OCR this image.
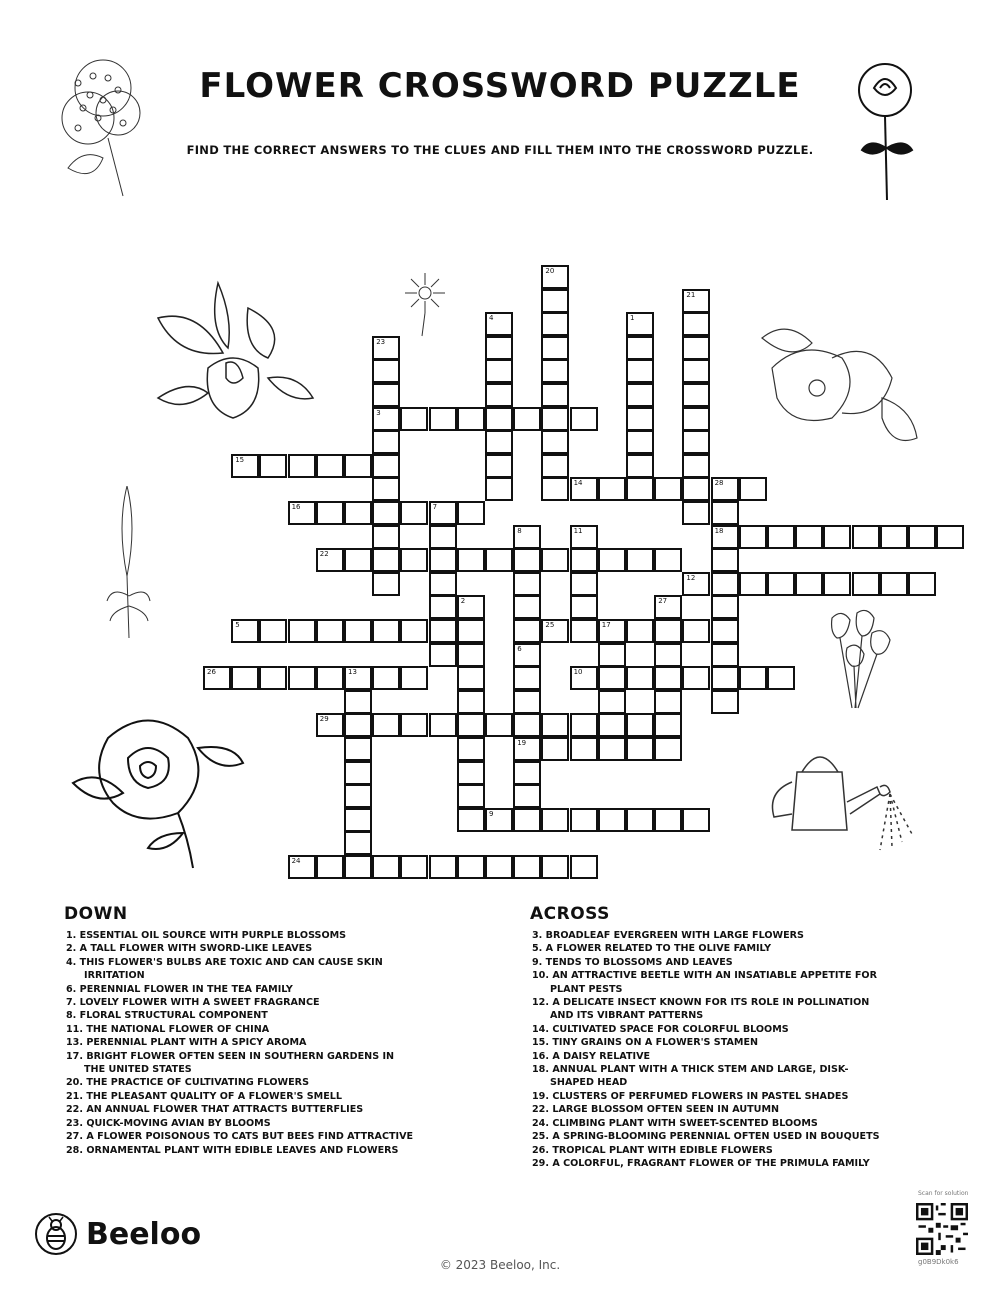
FLOWER CROSSWORD PUZZLE
FIND THE CORRECT ANSWERS TO THE CLUES AND FILL THEM INTO THE CROSSWORD PUZZLE.
3
15
14	28
16	7
18
22
12
5	25	17
26	13	10
29
19
9
24
20
21
4	1
23
8
6
11
2	27
DOWN
1. ESSENTIAL OIL SOURCE WITH PURPLE BLOSSOMS
2. A TALL FLOWER WITH SWORD-LIKE LEAVES
4. THIS FLOWER'S BULBS ARE TOXIC AND CAN CAUSE SKIN IRRITATION
6. PERENNIAL FLOWER IN THE TEA FAMILY
7. LOVELY FLOWER WITH A SWEET FRAGRANCE
8. FLORAL STRUCTURAL COMPONENT
11. THE NATIONAL FLOWER OF CHINA
13. PERENNIAL PLANT WITH A SPICY AROMA
17. BRIGHT FLOWER OFTEN SEEN IN SOUTHERN GARDENS IN THE UNITED STATES
20. THE PRACTICE OF CULTIVATING FLOWERS
21. THE PLEASANT QUALITY OF A FLOWER'S SMELL
22. AN ANNUAL FLOWER THAT ATTRACTS BUTTERFLIES
23. QUICK-MOVING AVIAN BY BLOOMS
27. A FLOWER POISONOUS TO CATS BUT BEES FIND ATTRACTIVE
28. ORNAMENTAL PLANT WITH EDIBLE LEAVES AND FLOWERS
ACROSS
3. BROADLEAF EVERGREEN WITH LARGE FLOWERS
5. A FLOWER RELATED TO THE OLIVE FAMILY
9. TENDS TO BLOSSOMS AND LEAVES
10. AN ATTRACTIVE BEETLE WITH AN INSATIABLE APPETITE FOR PLANT PESTS
12. A DELICATE INSECT KNOWN FOR ITS ROLE IN POLLINATION AND ITS VIBRANT PATTERNS
14. CULTIVATED SPACE FOR COLORFUL BLOOMS
15. TINY GRAINS ON A FLOWER'S STAMEN
16. A DAISY RELATIVE
18. ANNUAL PLANT WITH A THICK STEM AND LARGE, DISK-SHAPED HEAD
19. CLUSTERS OF PERFUMED FLOWERS IN PASTEL SHADES
22. LARGE BLOSSOM OFTEN SEEN IN AUTUMN
24. CLIMBING PLANT WITH SWEET-SCENTED BLOOMS
25. A SPRING-BLOOMING PERENNIAL OFTEN USED IN BOUQUETS
26. TROPICAL PLANT WITH EDIBLE FLOWERS
29. A COLORFUL, FRAGRANT FLOWER OF THE PRIMULA FAMILY
Beeloo
© 2023 Beeloo, Inc.
Scan for solution
g0B9Dk0k6
